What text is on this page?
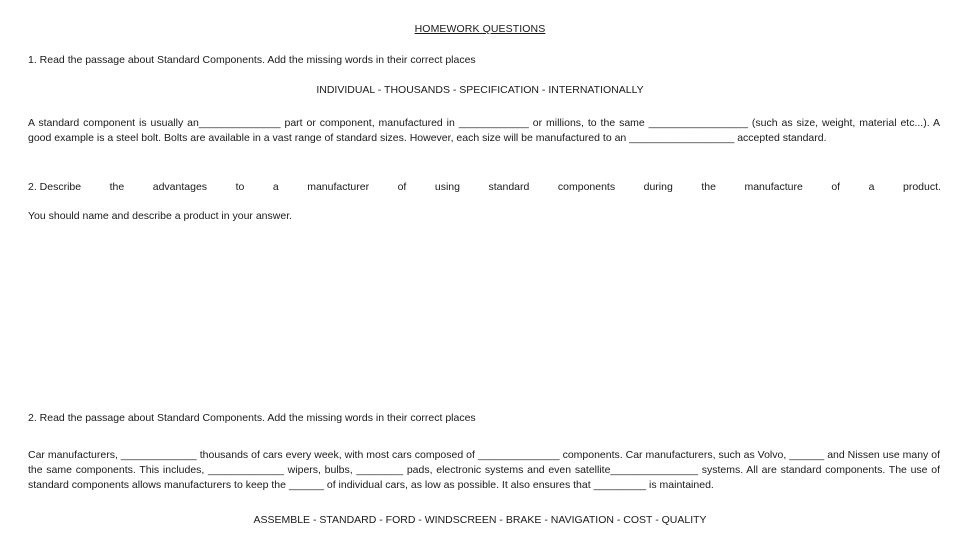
HOMEWORK QUESTIONS
1. Read the passage about Standard Components. Add the missing words in their correct places
INDIVIDUAL - THOUSANDS - SPECIFICATION - INTERNATIONALLY
A standard component is usually an______________ part or component, manufactured in ____________ or millions, to the same _________________ (such as size, weight, material etc...). A good example is a steel bolt. Bolts are available in a vast range of standard sizes. However, each size will be manufactured to an __________________ accepted standard.
2. Describe	the	advantages	to	a	manufacturer	of	using	standard	components	during	the	manufacture	of	a	product.
You should name and describe a product in your answer.
2. Read the passage about Standard Components. Add the missing words in their correct places
Car manufacturers, _____________ thousands of cars every week, with most cars composed of ______________ components. Car manufacturers, such as Volvo, ______ and Nissen use many of the same components. This includes, _____________ wipers, bulbs, ________ pads, electronic systems and even satellite_______________ systems. All are standard components. The use of standard components allows manufacturers to keep the ______ of individual cars, as low as possible. It also ensures that _________ is maintained.
ASSEMBLE - STANDARD - FORD - WINDSCREEN - BRAKE - NAVIGATION - COST - QUALITY
